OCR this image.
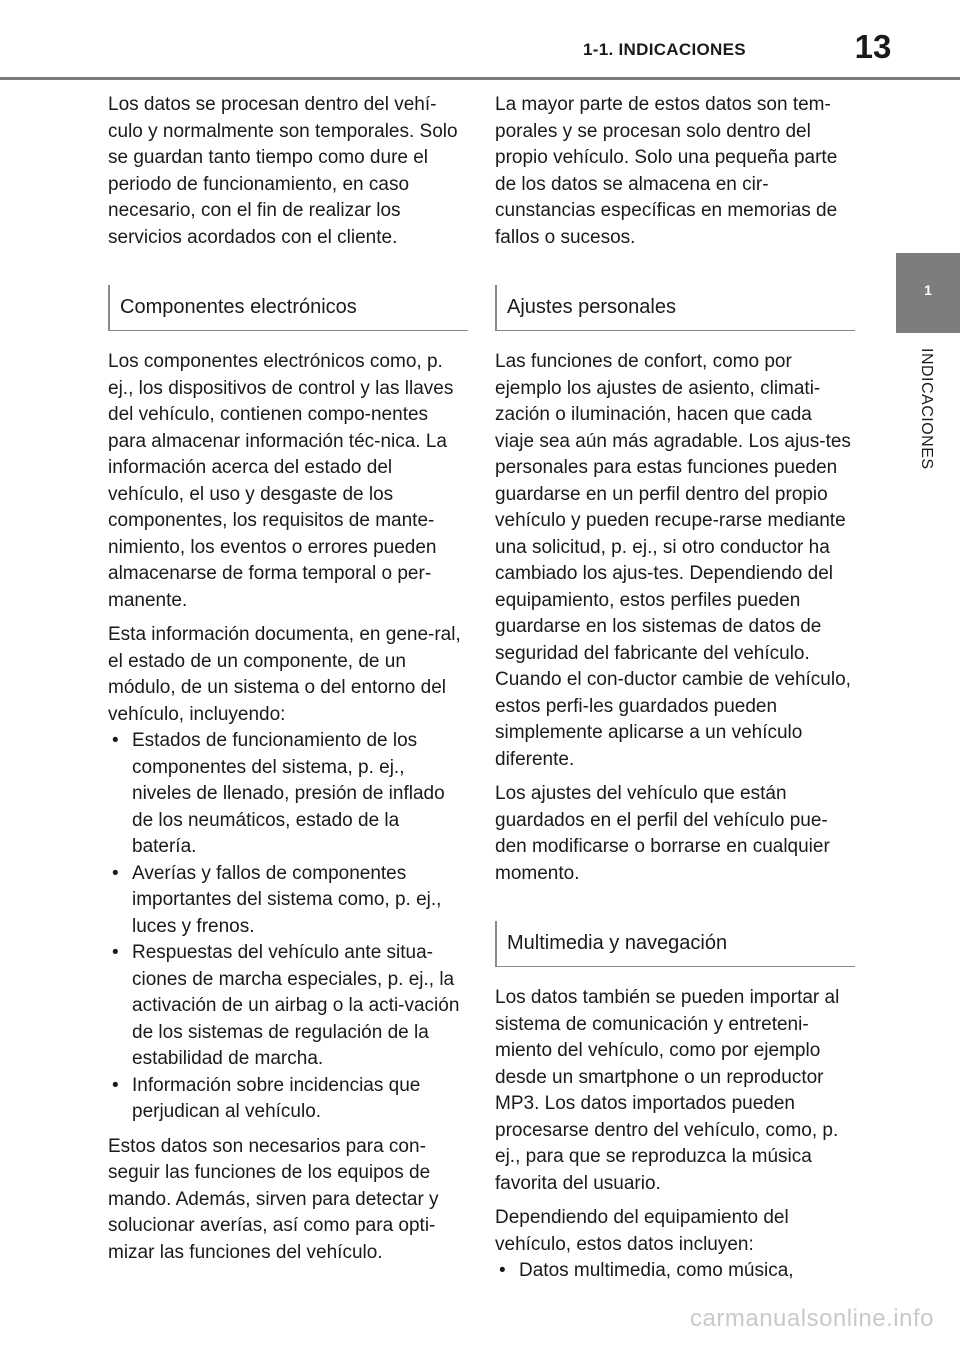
1-1. INDICACIONES	13
1
INDICACIONES

Los datos se procesan dentro del vehí-culo y normalmente son temporales. Solo se guardan tanto tiempo como dure el periodo de funcionamiento, en caso necesario, con el fin de realizar los servicios acordados con el cliente.

Componentes electrónicos

Los componentes electrónicos como, p. ej., los dispositivos de control y las llaves del vehículo, contienen compo-nentes para almacenar información téc-nica. La información acerca del estado del vehículo, el uso y desgaste de los componentes, los requisitos de mante-nimiento, los eventos o errores pueden almacenarse de forma temporal o per-manente.

Esta información documenta, en gene-ral, el estado de un componente, de un módulo, de un sistema o del entorno del vehículo, incluyendo:

• Estados de funcionamiento de los componentes del sistema, p. ej., niveles de llenado, presión de inflado de los neumáticos, estado de la batería.
• Averías y fallos de componentes importantes del sistema como, p. ej., luces y frenos.
• Respuestas del vehículo ante situa-ciones de marcha especiales, p. ej., la activación de un airbag o la acti-vación de los sistemas de regulación de la estabilidad de marcha.
• Información sobre incidencias que perjudican al vehículo.

Estos datos son necesarios para con-seguir las funciones de los equipos de mando. Además, sirven para detectar y solucionar averías, así como para opti-mizar las funciones del vehículo.

La mayor parte de estos datos son tem-porales y se procesan solo dentro del propio vehículo. Solo una pequeña parte de los datos se almacena en cir-cunstancias específicas en memorias de fallos o sucesos.

Ajustes personales

Las funciones de confort, como por ejemplo los ajustes de asiento, climati-zación o iluminación, hacen que cada viaje sea aún más agradable. Los ajus-tes personales para estas funciones pueden guardarse en un perfil dentro del propio vehículo y pueden recupe-rarse mediante una solicitud, p. ej., si otro conductor ha cambiado los ajus-tes. Dependiendo del equipamiento, estos perfiles pueden guardarse en los sistemas de datos de seguridad del fabricante del vehículo. Cuando el con-ductor cambie de vehículo, estos perfi-les guardados pueden simplemente aplicarse a un vehículo diferente.

Los ajustes del vehículo que están guardados en el perfil del vehículo pue-den modificarse o borrarse en cualquier momento.

Multimedia y navegación

Los datos también se pueden importar al sistema de comunicación y entreteni-miento del vehículo, como por ejemplo desde un smartphone o un reproductor MP3. Los datos importados pueden procesarse dentro del vehículo, como, p. ej., para que se reproduzca la música favorita del usuario.

Dependiendo del equipamiento del vehículo, estos datos incluyen:

• Datos multimedia, como música,
carmanualsonline.info
